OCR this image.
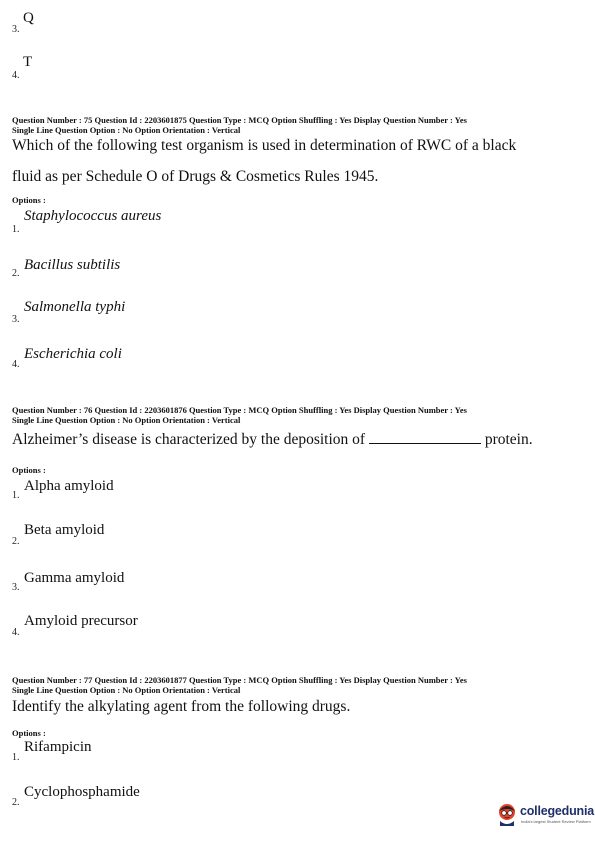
3.
Q
4.
T
Question Number : 75 Question Id : 2203601875 Question Type : MCQ Option Shuffling : Yes Display Question Number : Yes
Single Line Question Option : No Option Orientation : Vertical
Which of the following test organism is used in determination of RWC of a black
fluid as per Schedule O of Drugs & Cosmetics Rules 1945.
Options :
1.
Staphylococcus aureus
2.
Bacillus subtilis
3.
Salmonella typhi
4.
Escherichia coli
Question Number : 76 Question Id : 2203601876 Question Type : MCQ Option Shuffling : Yes Display Question Number : Yes
Single Line Question Option : No Option Orientation : Vertical
Alzheimer’s disease is characterized by the deposition of	protein.
Options :
1.
Alpha amyloid
2.
Beta amyloid
3.
Gamma amyloid
4.
Amyloid precursor
Question Number : 77 Question Id : 2203601877 Question Type : MCQ Option Shuffling : Yes Display Question Number : Yes
Single Line Question Option : No Option Orientation : Vertical
Identify the alkylating agent from the following drugs.
Options :
1.
Rifampicin
2.
Cyclophosphamide
collegedunia
India's largest Student Review Platform
